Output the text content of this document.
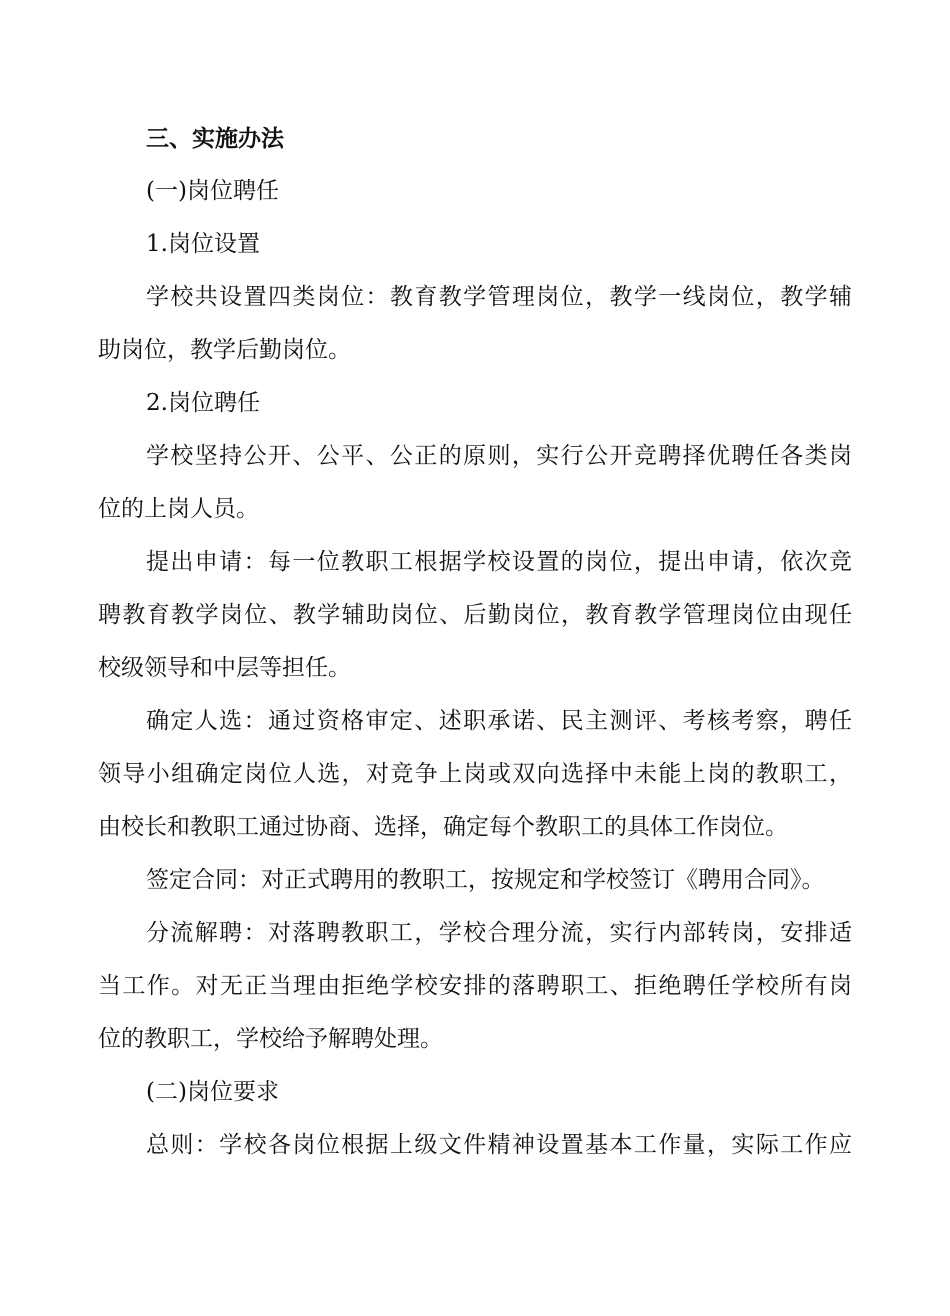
三、实施办法
(一)岗位聘任
1.岗位设置
学校共设置四类岗位：教育教学管理岗位，教学一线岗位，教学辅
助岗位，教学后勤岗位。
2.岗位聘任
学校坚持公开、公平、公正的原则，实行公开竞聘择优聘任各类岗
位的上岗人员。
提出申请：每一位教职工根据学校设置的岗位，提出申请，依次竞
聘教育教学岗位、教学辅助岗位、后勤岗位，教育教学管理岗位由现任
校级领导和中层等担任。
确定人选：通过资格审定、述职承诺、民主测评、考核考察，聘任
领导小组确定岗位人选，对竞争上岗或双向选择中未能上岗的教职工，
由校长和教职工通过协商、选择，确定每个教职工的具体工作岗位。
签定合同：对正式聘用的教职工，按规定和学校签订《聘用合同》。
分流解聘：对落聘教职工，学校合理分流，实行内部转岗，安排适
当工作。对无正当理由拒绝学校安排的落聘职工、拒绝聘任学校所有岗
位的教职工，学校给予解聘处理。
(二)岗位要求
总则：学校各岗位根据上级文件精神设置基本工作量，实际工作应
